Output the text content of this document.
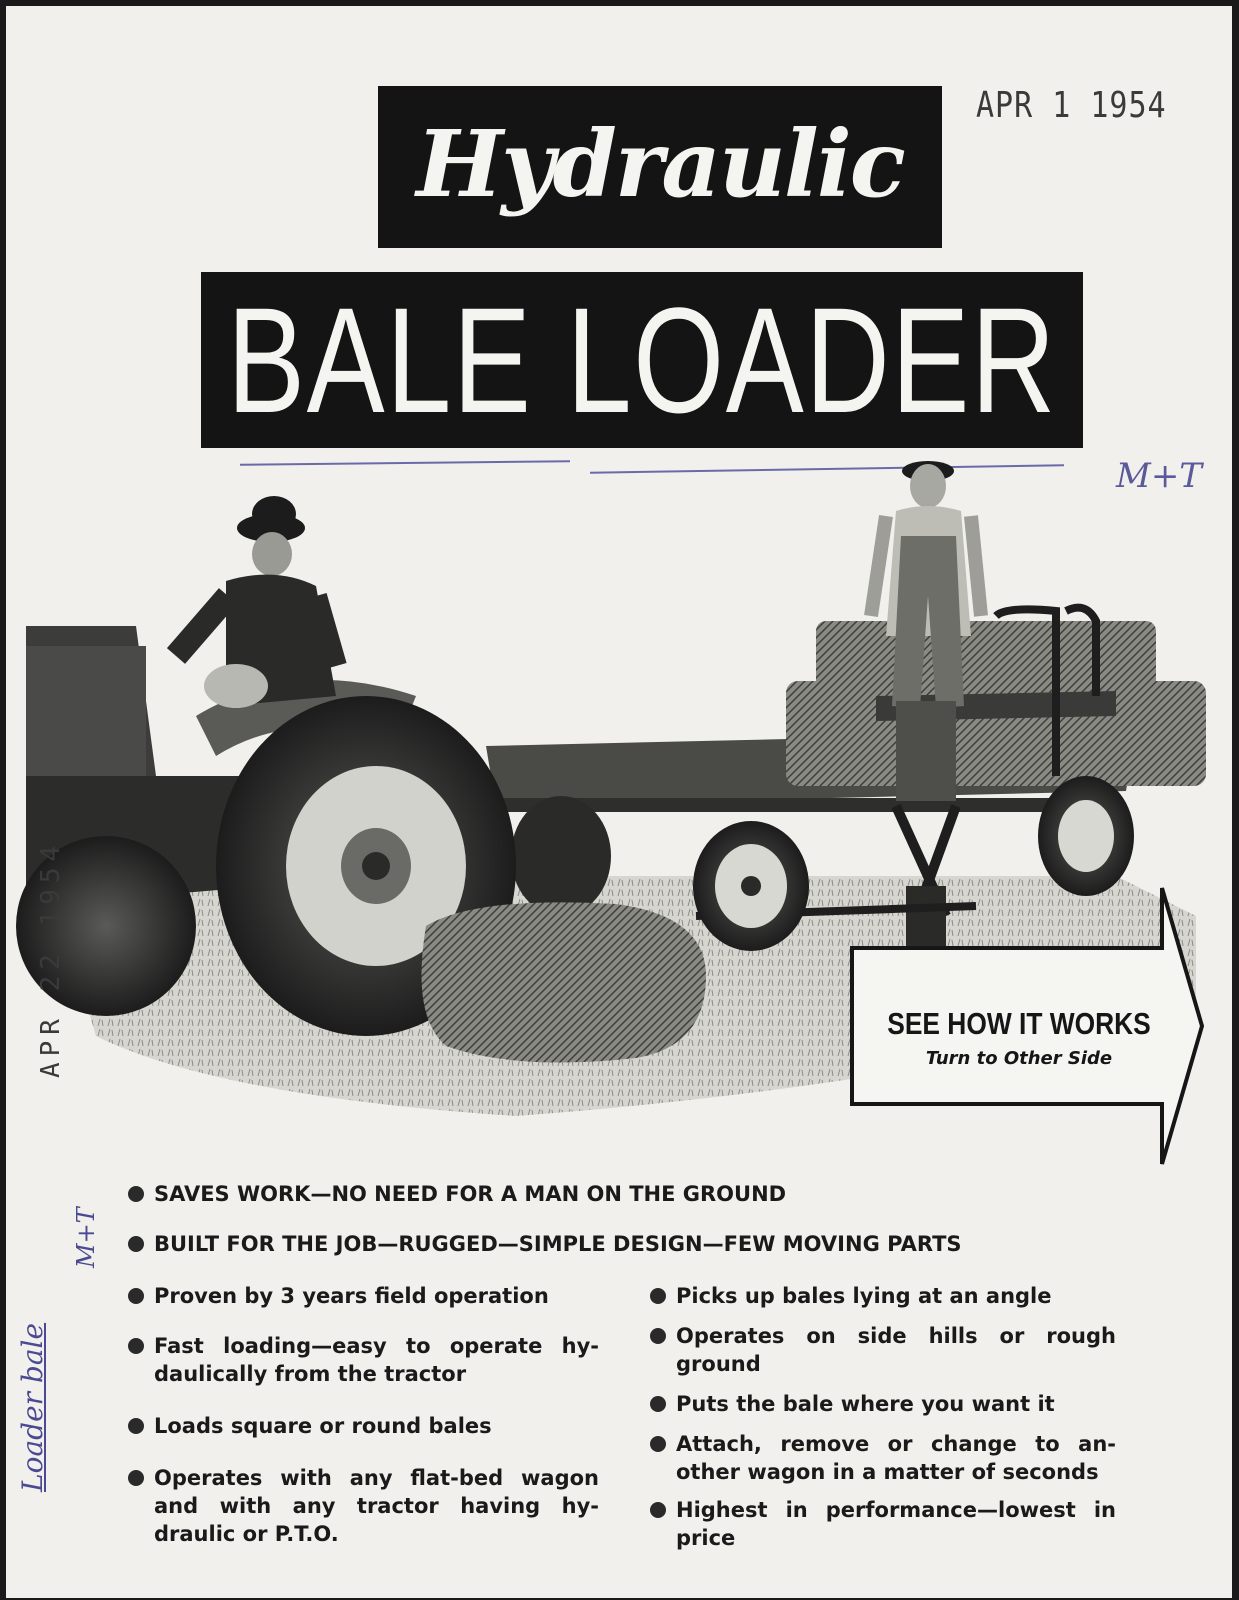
APR 1 1954
Hydraulic
BALE LOADER
M+T
SEE HOW IT WORKS
Turn to Other Side
APR 22 1954
M+T
Loader bale
SAVES WORK—NO NEED FOR A MAN ON THE GROUND
BUILT FOR THE JOB—RUGGED—SIMPLE DESIGN—FEW MOVING PARTS
Proven by 3 years field operation
Fast loading—easy to operate hy- daulically from the tractor
Loads square or round bales
Operates with any flat-bed wagon and with any tractor having hy- draulic or P.T.O.
Picks up bales lying at an angle
Operates on side hills or rough ground
Puts the bale where you want it
Attach, remove or change to an- other wagon in a matter of seconds
Highest in performance—lowest in price
